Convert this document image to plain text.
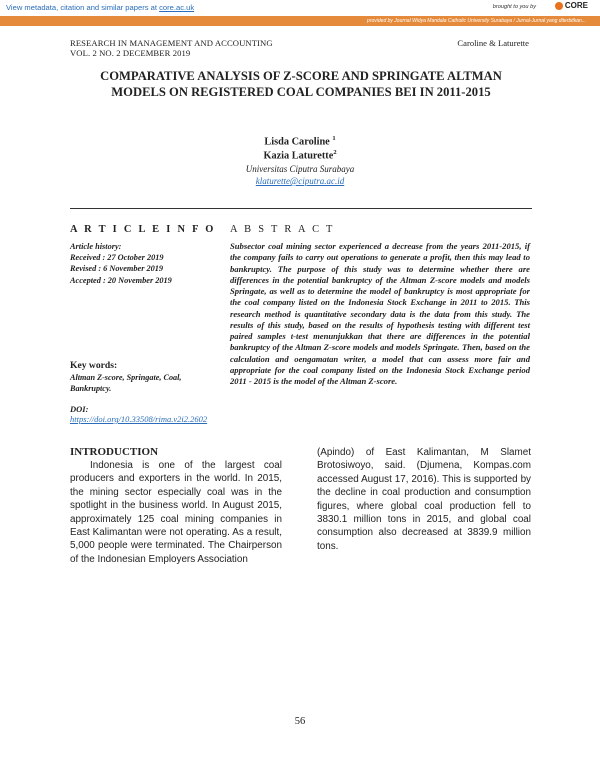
View metadata, citation and similar papers at core.ac.uk	brought to you by	CORE
provided by Journal Widya Mandala Catholic University Surabaya / Jurnal-Jurnal yang diterbitkan...
RESEARCH IN MANAGEMENT AND ACCOUNTING
VOL. 2 NO. 2 DECEMBER 2019
Caroline & Laturette
COMPARATIVE ANALYSIS OF Z-SCORE AND SPRINGATE ALTMAN MODELS ON REGISTERED COAL COMPANIES BEI IN 2011-2015
Lisda Caroline $^1$
Kazia Laturette$^2$
Universitas Ciputra Surabaya
klaturette@ciputra.ac.id
A R T I C L E I N F O A B S T R A C T
Article history:
Received : 27 October 2019
Revised : 6 November 2019
Accepted : 20 November 2019
Key words:
Altman Z-score, Springate, Coal, Bankruptcy.
DOI:
https://doi.org/10.33508/rima.v2i2.2602
Subsector coal mining sector experienced a decrease from the years 2011-2015, if the company fails to carry out operations to generate a profit, then this may lead to bankruptcy. The purpose of this study was to determine whether there are differences in the potential bankruptcy of the Altman Z-score models and models Springate, as well as to determine the model of bankruptcy is most appropriate for the coal company listed on the Indonesia Stock Exchange in 2011 to 2015. This research method is quantitative secondary data is the data from this study. The results of this study, based on the results of hypothesis testing with different test paired samples t-test menunjukkan that there are differences in the potential bankruptcy of the Altman Z-score models and models Springate. Then, based on the calculation and oengamatan writer, a model that can assess more fair and appropriate for the coal company listed on the Indonesia Stock Exchange period 2011 - 2015 is the model of the Altman Z-score.
INTRODUCTION

Indonesia is one of the largest coal producers and exporters in the world. In 2015, the mining sector especially coal was in the spotlight in the business world. In August 2015, approximately 125 coal mining companies in East Kalimantan were not operating. As a result, 5,000 people were terminated. The Chairperson of the Indonesian Employers Association

(Apindo) of East Kalimantan, M Slamet Brotosiwoyo, said. (Djumena, Kompas.com accessed August 17, 2016). This is supported by the decline in coal production and consumption figures, where global coal production fell to 3830.1 million tons in 2015, and global coal consumption also decreased at 3839.9 million tons.

56
